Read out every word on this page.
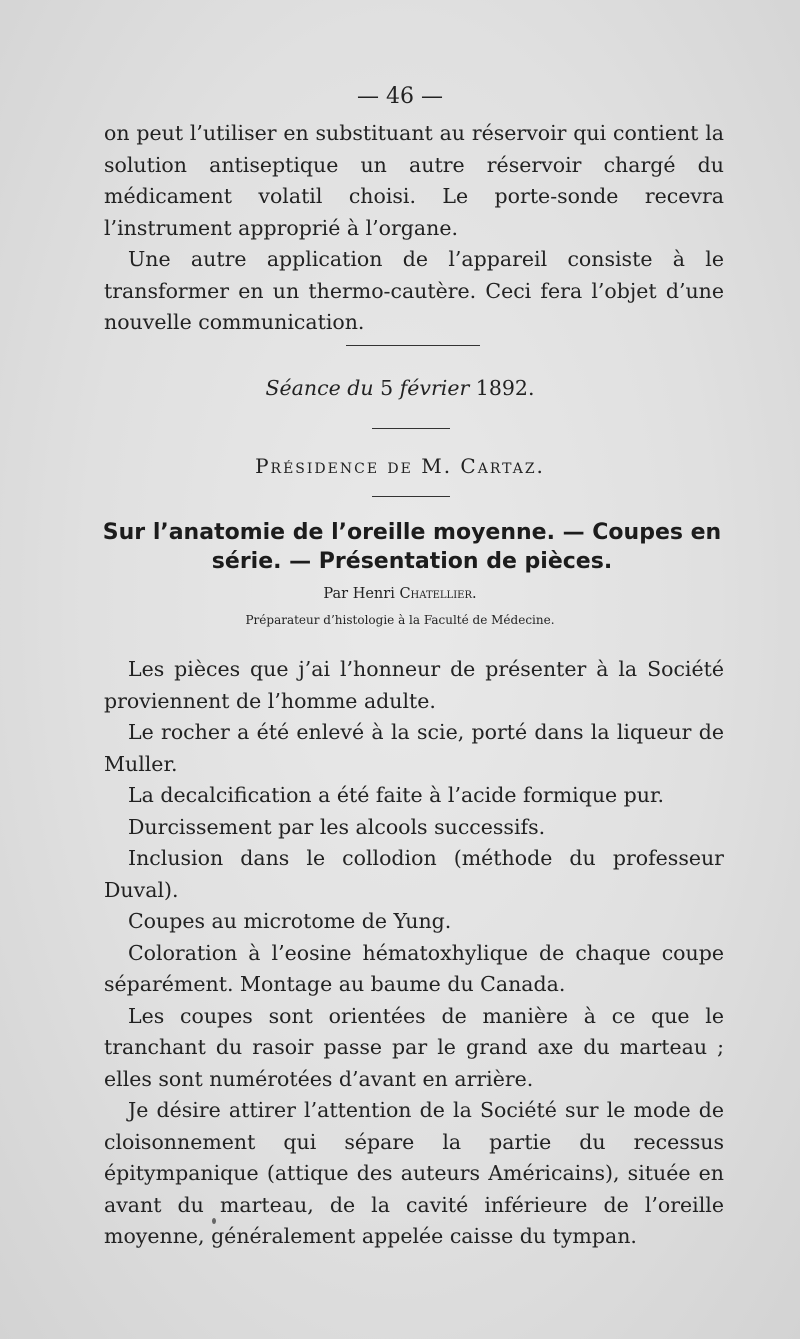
— 46 —

on peut l’utiliser en substituant au réservoir qui contient la solution antiseptique un autre réservoir chargé du médicament volatil choisi. Le porte-sonde recevra l’instrument approprié à l’organe.

Une autre application de l’appareil consiste à le transformer en un thermo-cautère. Ceci fera l’objet d’une nouvelle communication.

Séance du 5 février 1892.
Présidence de M. Cartaz.
Sur l’anatomie de l’oreille moyenne. — Coupes en
série. — Présentation de pièces.
Par Henri Chatellier.
Préparateur d’histologie à la Faculté de Médecine.

Les pièces que j’ai l’honneur de présenter à la Société proviennent de l’homme adulte.

Le rocher a été enlevé à la scie, porté dans la liqueur de Muller.

La decalcification a été faite à l’acide formique pur.

Durcissement par les alcools successifs.

Inclusion dans le collodion (méthode du professeur Duval).

Coupes au microtome de Yung.

Coloration à l’eosine hématoxhylique de chaque coupe séparément. Montage au baume du Canada.

Les coupes sont orientées de manière à ce que le tranchant du rasoir passe par le grand axe du marteau ; elles sont numérotées d’avant en arrière.

Je désire attirer l’attention de la Société sur le mode de cloisonnement qui sépare la partie du recessus épitympanique (attique des auteurs Américains), située en avant du marteau, de la cavité inférieure de l’oreille moyenne, généralement appelée caisse du tympan.
